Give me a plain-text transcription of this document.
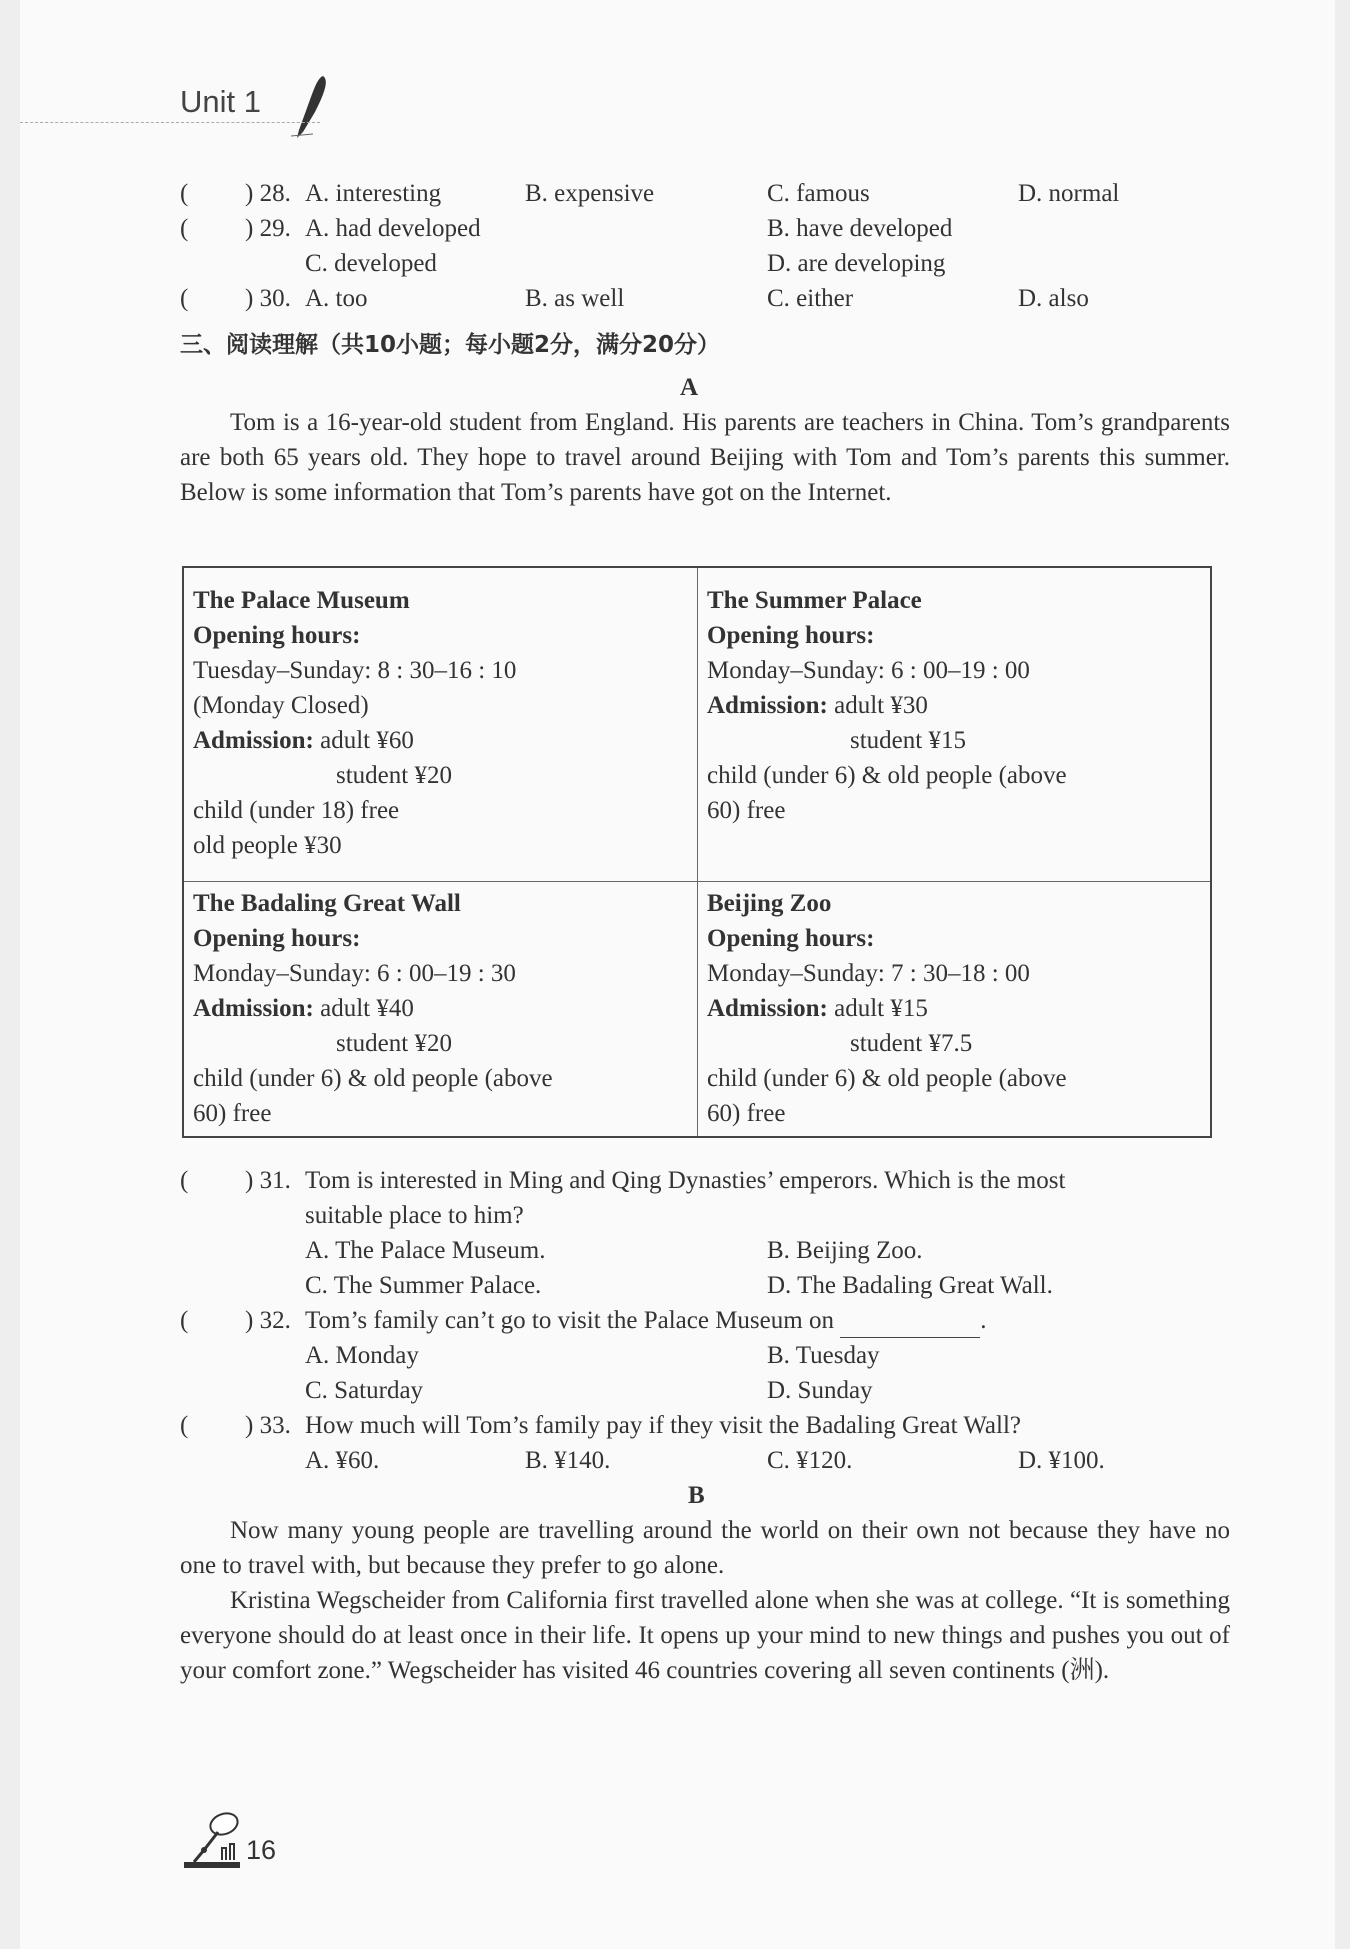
Unit 1
( ) 28. A. interesting	B. expensive	C. famous	D. normal
( ) 29. A. had developed	B. have developed
C. developed	D. are developing
( ) 30. A. too	B. as well	C. either	D. also
三、阅读理解（共10小题；每小题2分，满分20分）
A
Tom is a 16-year-old student from England. His parents are teachers in China. Tom’s grandparents are both 65 years old. They hope to travel around Beijing with Tom and Tom’s parents this summer. Below is some information that Tom’s parents have got on the Internet.
The Palace Museum
Opening hours:
Tuesday–Sunday: 8 : 30–16 : 10
(Monday Closed)
Admission: adult ¥60
student ¥20
child (under 18) free
old people ¥30
The Summer Palace
Opening hours:
Monday–Sunday: 6 : 00–19 : 00
Admission: adult ¥30
student ¥15
child (under 6) & old people (above
60) free
The Badaling Great Wall
Opening hours:
Monday–Sunday: 6 : 00–19 : 30
Admission: adult ¥40
student ¥20
child (under 6) & old people (above
60) free
Beijing Zoo
Opening hours:
Monday–Sunday: 7 : 30–18 : 00
Admission: adult ¥15
student ¥7.5
child (under 6) & old people (above
60) free
( ) 31. Tom is interested in Ming and Qing Dynasties’ emperors. Which is the most
suitable place to him?
A. The Palace Museum.	B. Beijing Zoo.
C. The Summer Palace.	D. The Badaling Great Wall.
( ) 32. Tom’s family can’t go to visit the Palace Museum on	.
A. Monday	B. Tuesday
C. Saturday	D. Sunday
( ) 33. How much will Tom’s family pay if they visit the Badaling Great Wall?
A. ¥60.	B. ¥140.	C. ¥120.	D. ¥100.
B
Now many young people are travelling around the world on their own not because they have no one to travel with, but because they prefer to go alone.
Kristina Wegscheider from California first travelled alone when she was at college. “It is something everyone should do at least once in their life. It opens up your mind to new things and pushes you out of your comfort zone.” Wegscheider has visited 46 countries covering all seven continents (洲).
16
